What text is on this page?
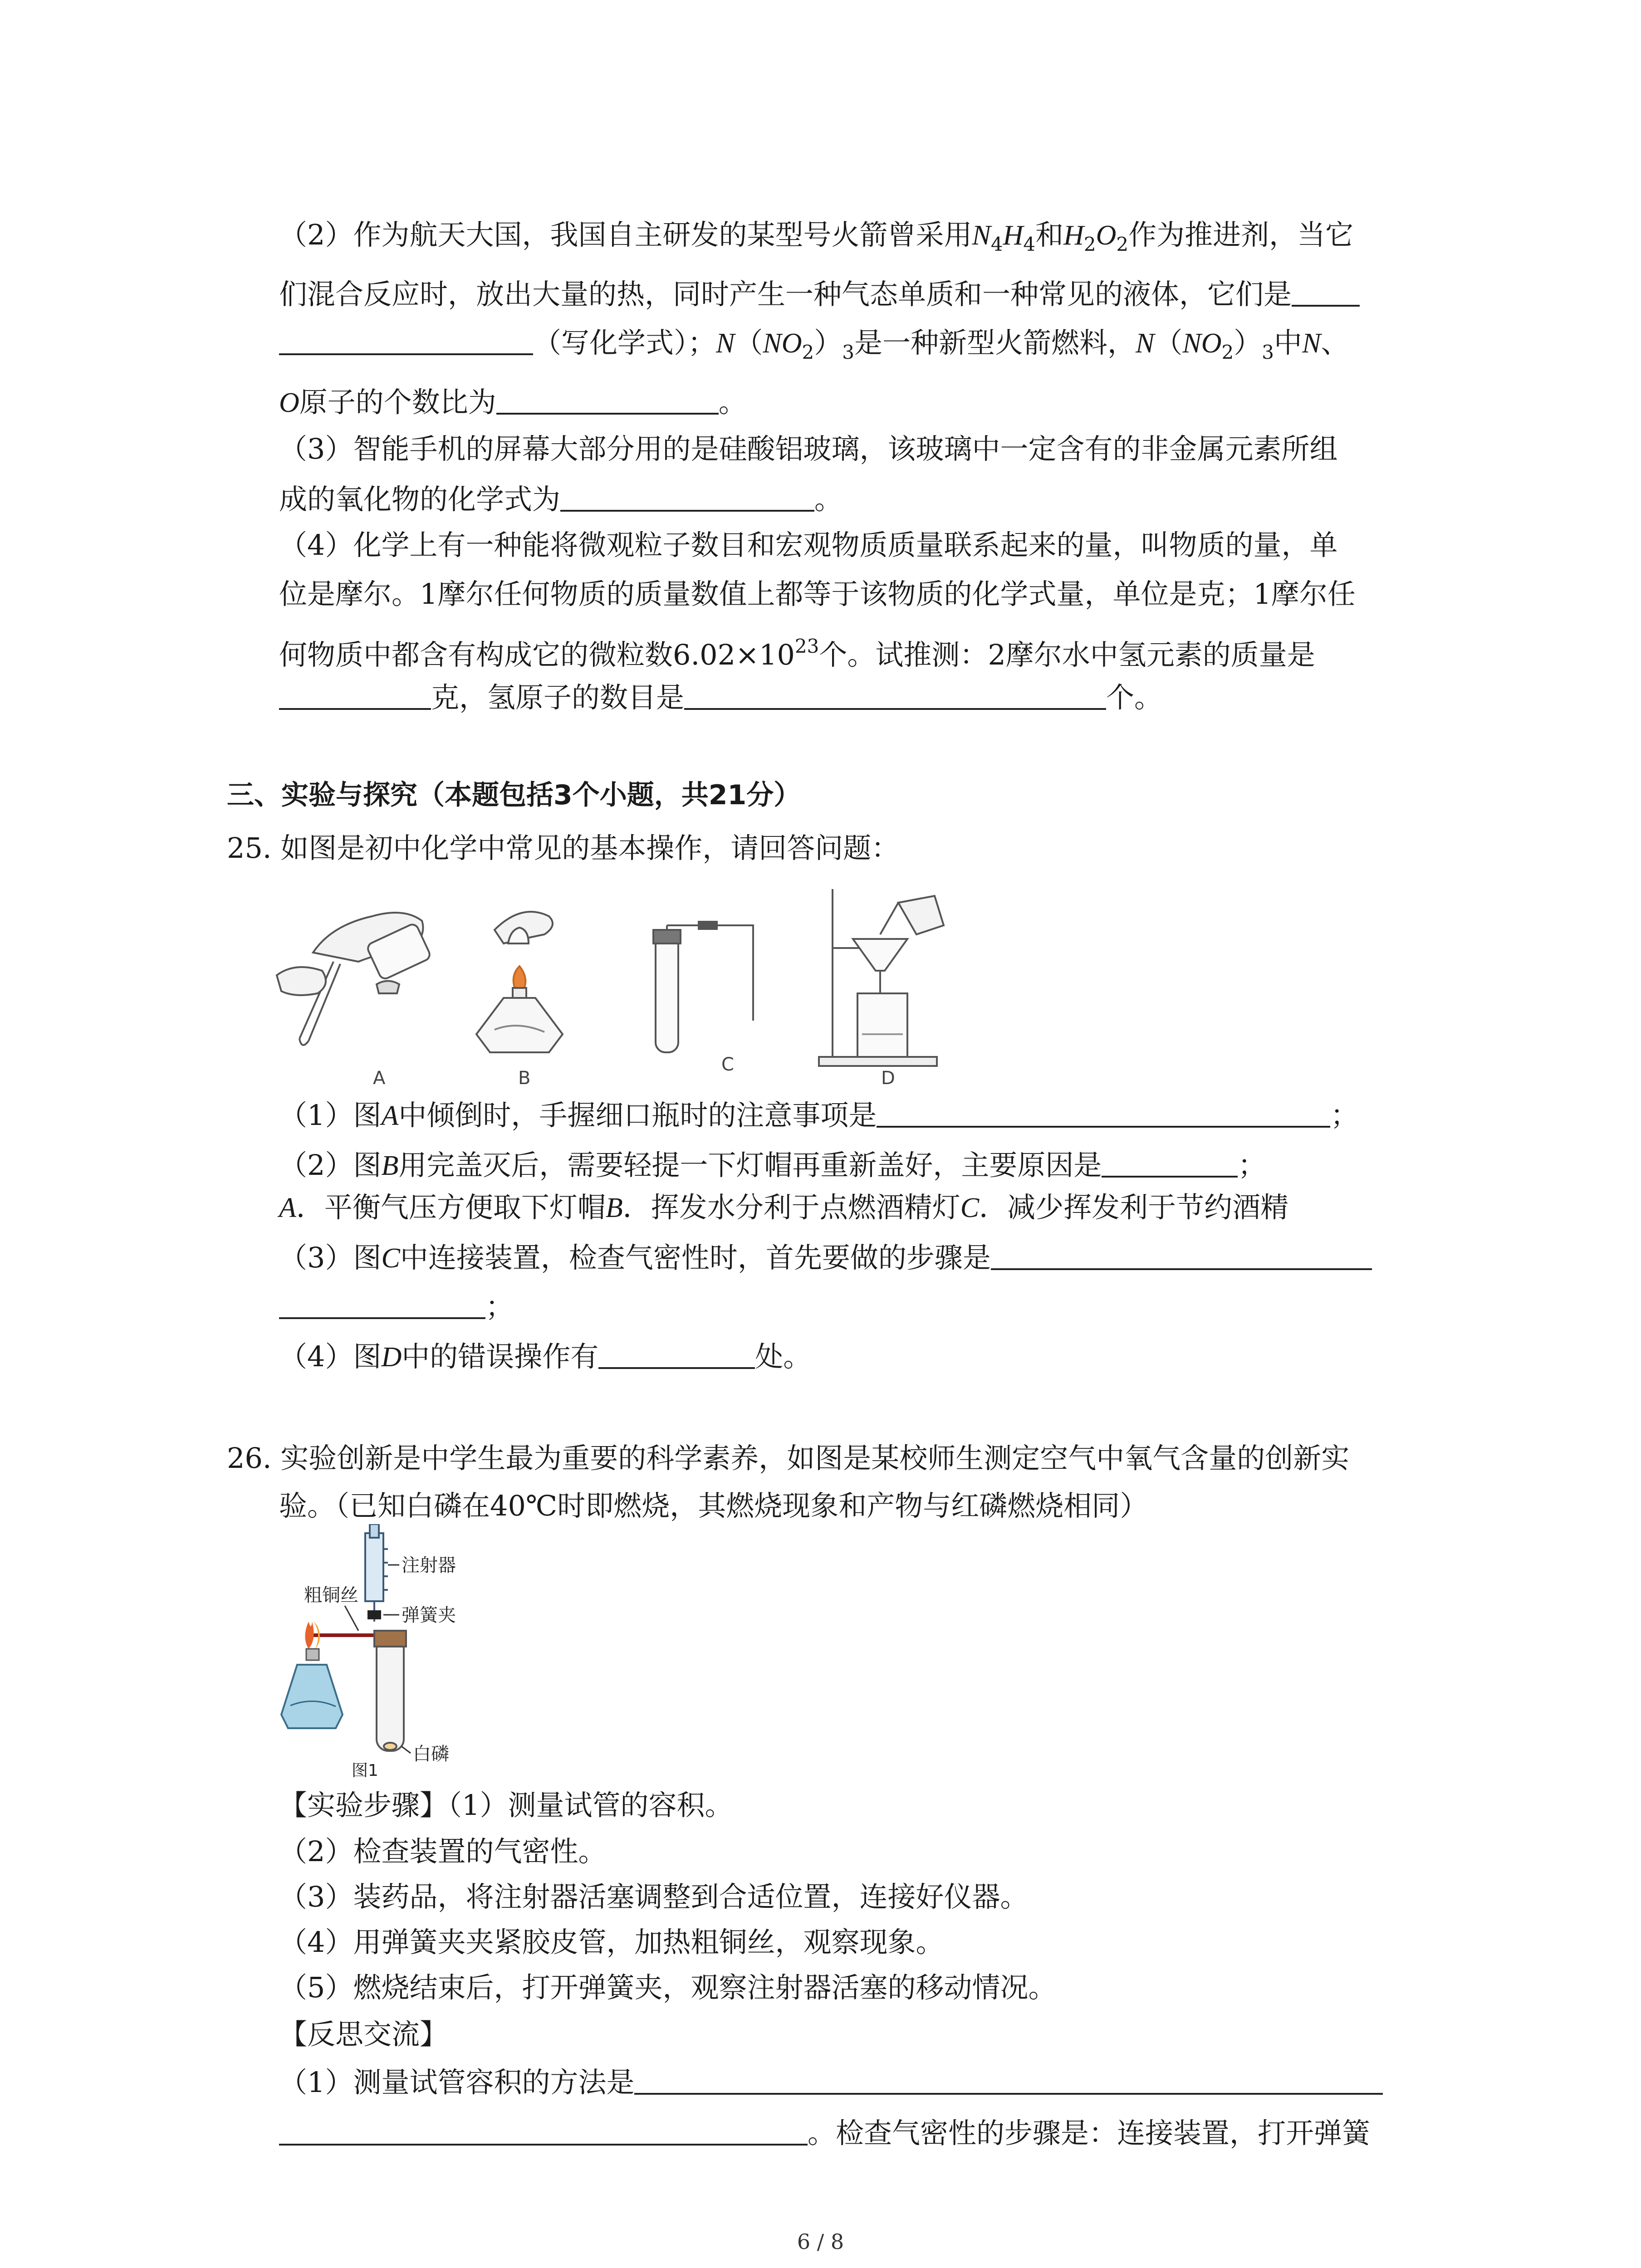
（2）作为航天大国，我国自主研发的某型号火箭曾采用$N_4H_4$和$H_2O_2$作为推进剂，当它
们混合反应时，放出大量的热，同时产生一种气态单质和一种常见的液体，它们是
（写化学式）；$N(NO_2)_3$是一种新型火箭燃料，$N(NO_2)_3$中N、
O原子的个数比为	。
（3）智能手机的屏幕大部分用的是硅酸铝玻璃，该玻璃中一定含有的非金属元素所组
成的氧化物的化学式为	。
（4）化学上有一种能将微观粒子数目和宏观物质质量联系起来的量，叫物质的量，单
位是摩尔。1摩尔任何物质的质量数值上都等于该物质的化学式量，单位是克；1摩尔任
何物质中都含有构成它的微粒数$6.02\times 10^{23}$个。试推测：2摩尔水中氢元素的质量是
克，氢原子的数目是	个。
三、实验与探究（本题包括3个小题，共21分）
25. 如图是初中化学中常见的基本操作，请回答问题：
A	B
C
D
（1）图A中倾倒时，手握细口瓶时的注意事项是	；
（2）图B用完盖灭后，需要轻提一下灯帽再重新盖好，主要原因是	；
A．平衡气压方便取下灯帽B．挥发水分利于点燃酒精灯C．减少挥发利于节约酒精
（3）图C中连接装置，检查气密性时，首先要做的步骤是
；
（4）图D中的错误操作有	处。
26. 实验创新是中学生最为重要的科学素养，如图是某校师生测定空气中氧气含量的创新实
验。（已知白磷在40℃时即燃烧，其燃烧现象和产物与红磷燃烧相同）
注射器
弹簧夹
粗铜丝
白磷
图1
【实验步骤】（1）测量试管的容积。
（2）检查装置的气密性。
（3）装药品，将注射器活塞调整到合适位置，连接好仪器。
（4）用弹簧夹夹紧胶皮管，加热粗铜丝，观察现象。
（5）燃烧结束后，打开弹簧夹，观察注射器活塞的移动情况。
【反思交流】
（1）测量试管容积的方法是
。检查气密性的步骤是：连接装置，打开弹簧
6 / 8
